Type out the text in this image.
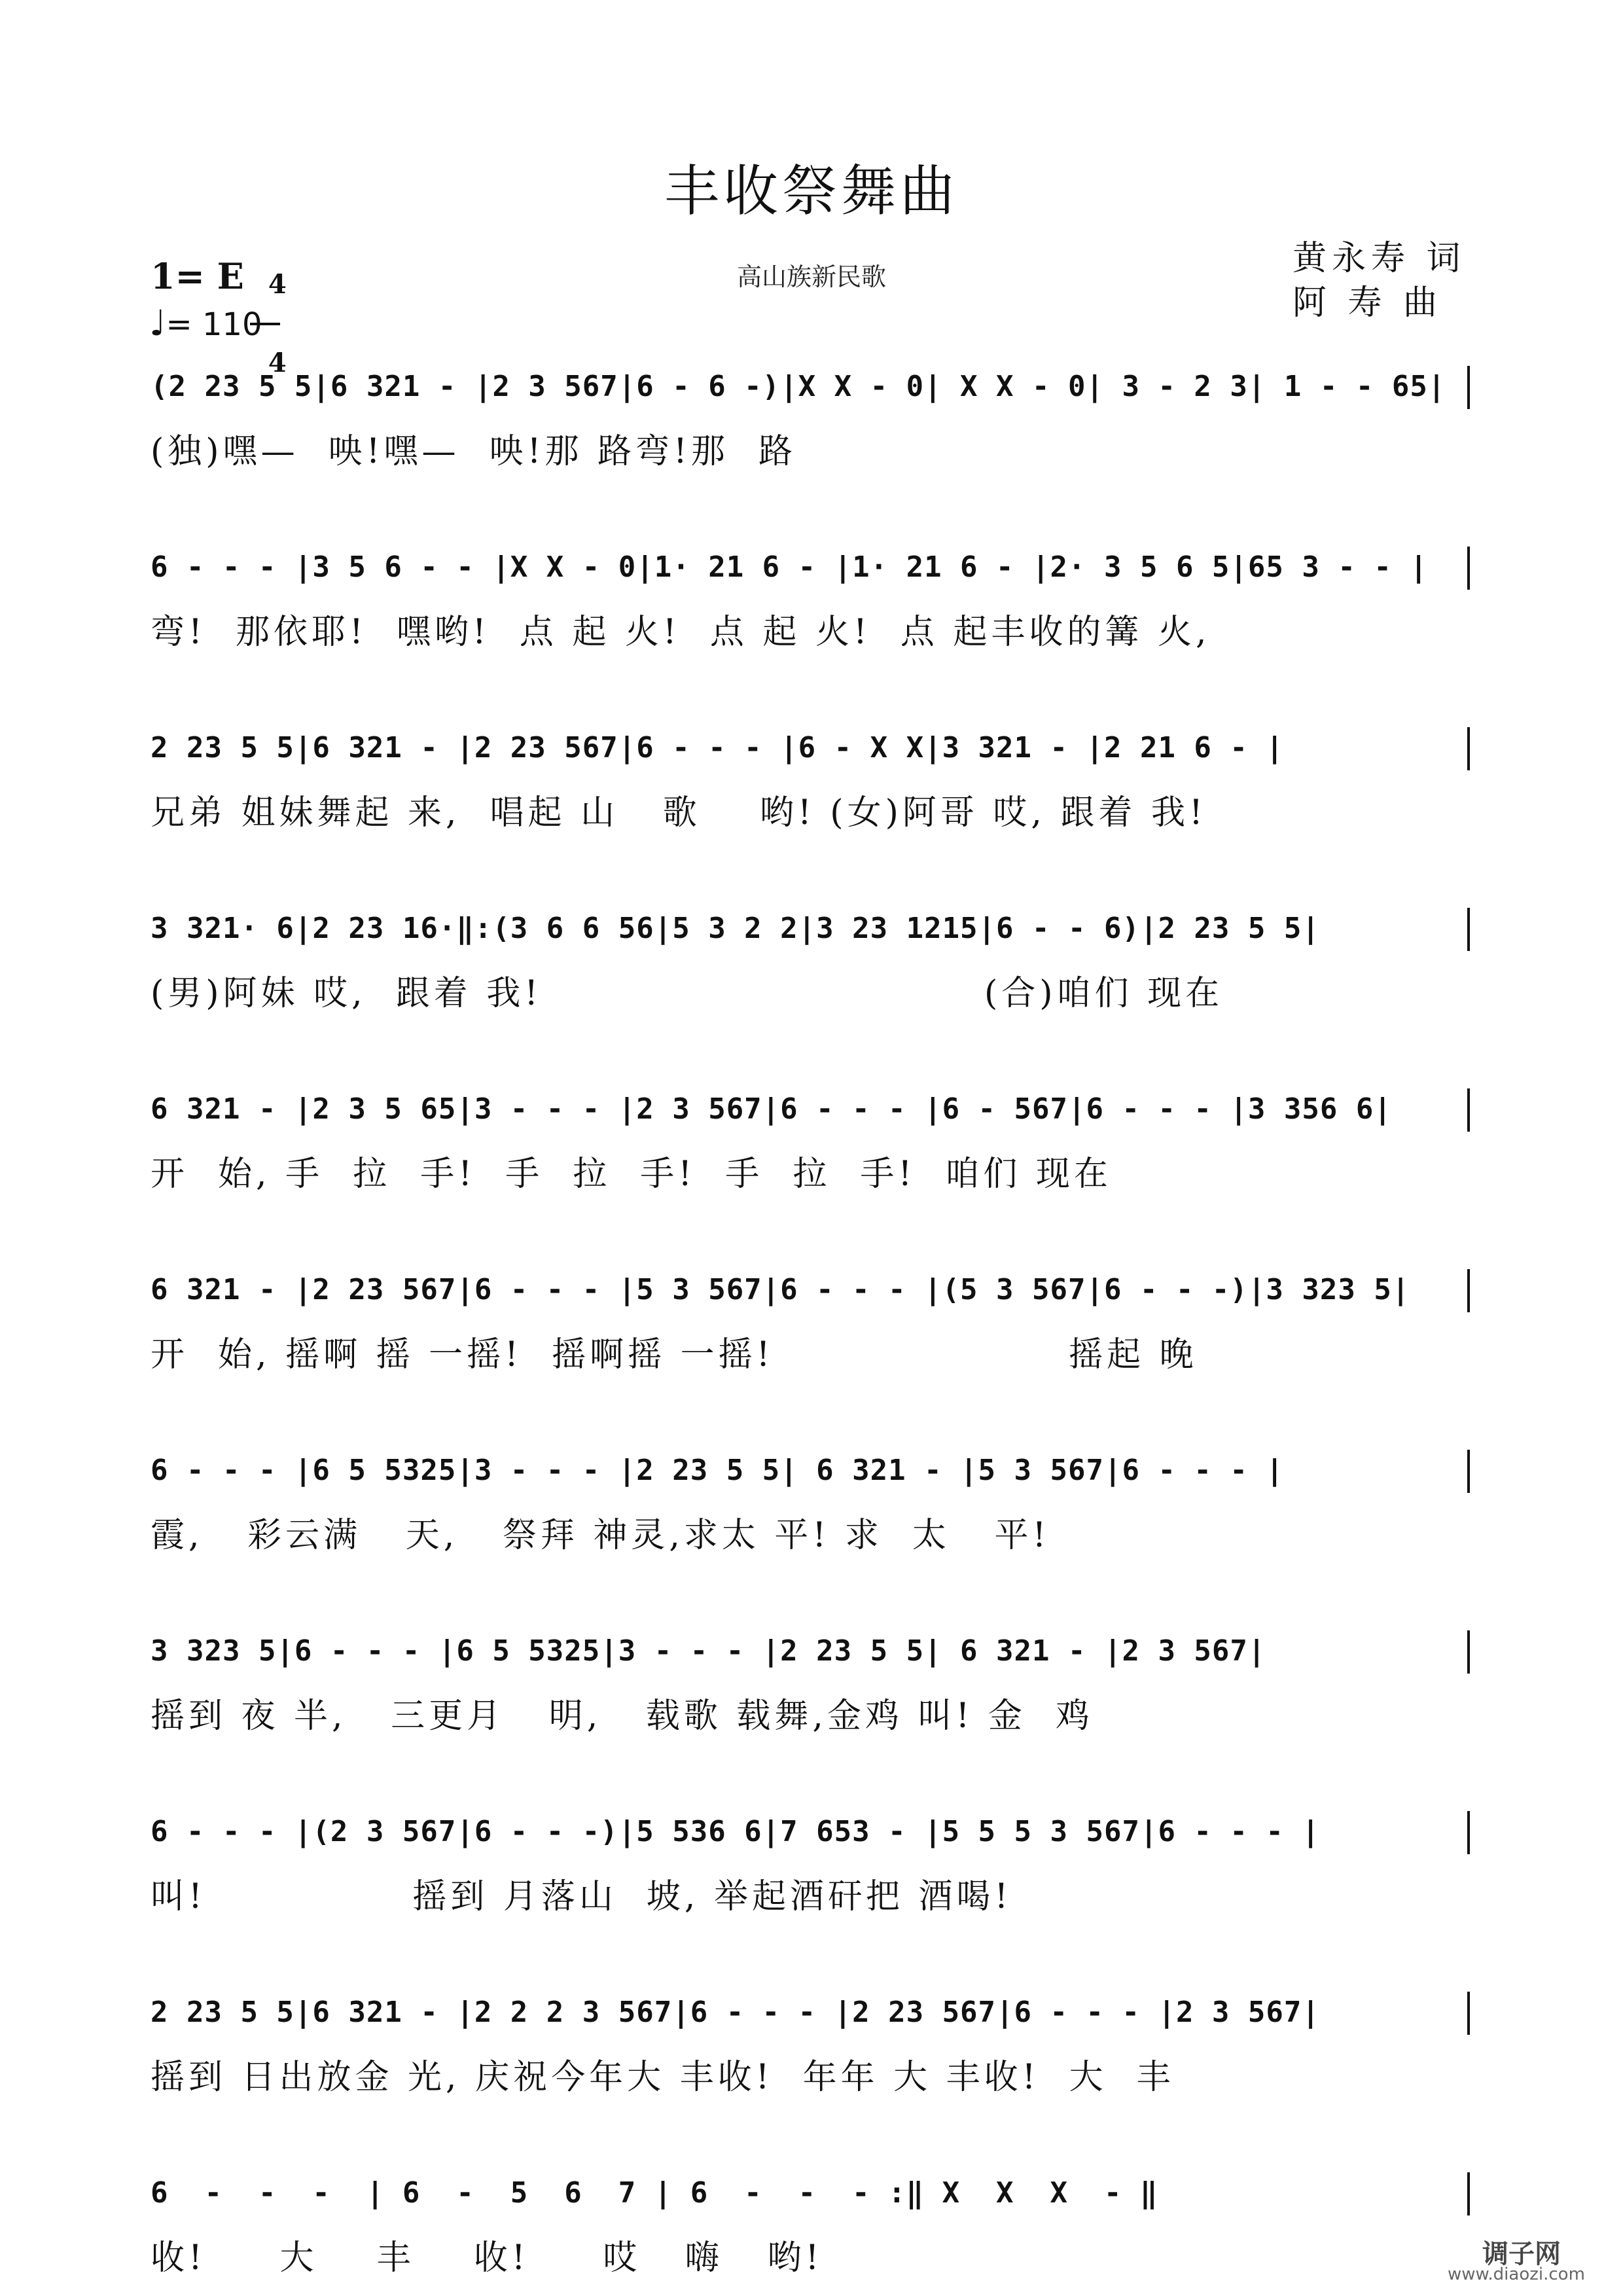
丰收祭舞曲
1= E 4

4

♩= 110
高山族新民歌	黄永寿 词
阿 寿 曲
(2 23 5 5|6 321 - |2 3 567|6 - 6 -)|X X - 0| X X - 0| 3 - 2 3| 1 - - 65|
(独)嘿—  咉!嘿—  咉!那 路弯!那  路
6 - - - |3 5 6 - - |X X - 0|1· 21 6 - |1· 21 6 - |2· 3 5 6 5|65 3 - - |
弯!  那依耶!  嘿哟!  点 起 火!  点 起 火!  点 起丰收的篝 火,
2 23 5 5|6 321 - |2 23 567|6 - - - |6 - X X|3 321 - |2 21 6 - |
兄弟 姐妹舞起 来,  唱起 山   歌    哟! (女)阿哥 哎, 跟着 我!
3 321· 6|2 23 16·‖:(3 6 6 56|5 3 2 2|3 23 1215|6 - - 6)|2 23 5 5|
(男)阿妹 哎,  跟着 我!                              (合)咱们 现在
6 321 - |2 3 5 65|3 - - - |2 3 567|6 - - - |6 - 567|6 - - - |3 356 6|
开  始, 手  拉  手!  手  拉  手!  手  拉  手!  咱们 现在
6 321 - |2 23 567|6 - - - |5 3 567|6 - - - |(5 3 567|6 - - -)|3 323 5|
开  始, 摇啊 摇 一摇!  摇啊摇 一摇!                    摇起 晚
6 - - - |6 5 5325|3 - - - |2 23 5 5| 6 321 - |5 3 567|6 - - - |
霞,   彩云满   天,   祭拜 神灵,求太 平! 求  太   平!
3 323 5|6 - - - |6 5 5325|3 - - - |2 23 5 5| 6 321 - |2 3 567|
摇到 夜 半,   三更月   明,   载歌 载舞,金鸡 叫! 金  鸡
6 - - - |(2 3 567|6 - - -)|5 536 6|7 653 - |5 5 5 3 567|6 - - - |
叫!              摇到 月落山  坡, 举起酒矸把 酒喝!
2 23 5 5|6 321 - |2 2 2 3 567|6 - - - |2 23 567|6 - - - |2 3 567|
摇到 日出放金 光, 庆祝今年大 丰收!  年年 大 丰收!  大  丰
6  -  -  -  | 6  -  5  6  7 | 6  -  -  - :‖ X  X  X  - ‖
收!     大    丰    收!     哎   嗨   哟!	调子网
www.diaozi.com
